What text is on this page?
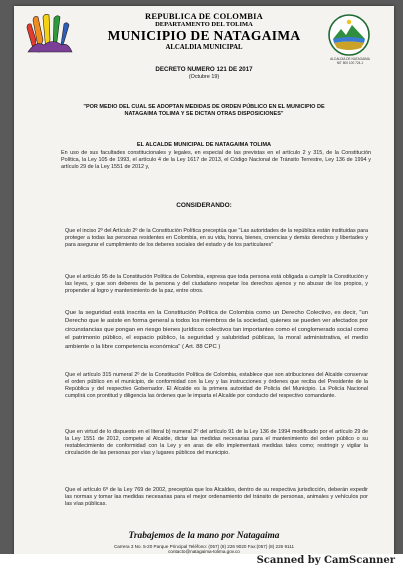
REPUBLICA DE COLOMBIA
DEPARTAMENTO DEL TOLIMA
MUNICIPIO DE NATAGAIMA
ALCALDIA MUNICIPAL
ALCALDIA DE NATAGAIMA
NIT 800 100 724-1
DECRETO NUMERO 121 DE 2017
(Octubre 19)
"POR MEDIO DEL CUAL SE ADOPTAN MEDIDAS DE ORDEN PÚBLICO EN EL MUNICIPIO DE
NATAGAIMA TOLIMA Y SE DICTAN OTRAS DISPOSICIONES"
EL ALCALDE MUNICIPAL DE NATAGAIMA TOLIMA
En uso de sus facultades constitucionales y legales, en especial de las previstas en el artículo 2 y 315, de la Constitución Política, la Ley 105 de 1993, el artículo 4 de la Ley 1617 de 2013, el Código Nacional de Tránsito Terrestre, Ley 136 de 1994 y artículo 29 de la Ley 1551 de 2012 y,
CONSIDERANDO:
Que el inciso 2º del Artículo 2º de la Constitución Política preceptúa que "Las autoridades de la república están instituidas para proteger a todas las personas residentes en Colombia, en su vida, honra, bienes, creencias y demás derechos y libertades y para asegurar el cumplimiento de los deberes sociales del estado y de los particulares"
Que el artículo 95 de la Constitución Política de Colombia, expresa que toda persona está obligada a cumplir la Constitución y las leyes, y que son deberes de la persona y del ciudadano respetar los derechos ajenos y no abusar de los propios, y propender al logro y mantenimiento de la paz, entre otros.
Que la seguridad está inscrita en la Constitución Política de Colombia como un Derecho Colectivo, es decir, "un Derecho que le asiste en forma general a todos los miembros de la sociedad, quienes se pueden ver afectados por circunstancias que pongan en riesgo bienes jurídicos colectivos tan importantes como el conglomerado social como el patrimonio público, el espacio público, la seguridad y salubridad públicas, la moral administrativa, el medio ambiente o la libre competencia económica" ( Art. 88 CPC )
Que el artículo 315 numeral 2º de la Constitución Política de Colombia, establece que son atribuciones del Alcalde conservar el orden público en el municipio, de conformidad con la Ley y las instrucciones y órdenes que reciba del Presidente de la República y del respectivo Gobernador. El Alcalde es la primera autoridad de Policía del Municipio. La Policía Nacional cumplirá con prontitud y diligencia las órdenes que le imparta el Alcalde por conducto del respectivo comandante.
Que en virtud de lo dispuesto en el literal b) numeral 2º del artículo 91 de la Ley 136 de 1994 modificado por el artículo 29 de la Ley 1551 de 2012, compete al Alcalde, dictar las medidas necesarias para el mantenimiento del orden público o su restablecimiento de conformidad con la Ley y en aras de ello implementará medidas tales como; restringir y vigilar la circulación de las personas por vías y lugares públicos del municipio.
Que el artículo 6º de la Ley 769 de 2002, preceptúa que los Alcaldes, dentro de su respectiva jurisdicción, deberán expedir las normas y tomar las medidas necesarias para el mejor ordenamiento del tránsito de personas, animales y vehículos por las vías públicas.
Trabajemos de la mano por Natagaima
Carrera 3 No. 5-20 Parque Principal Teléfono: (057) (8) 226 9020 Fax:(057) (8) 226 9111
contacto@natagaima-tolima.gov.co
Scanned by CamScanner
